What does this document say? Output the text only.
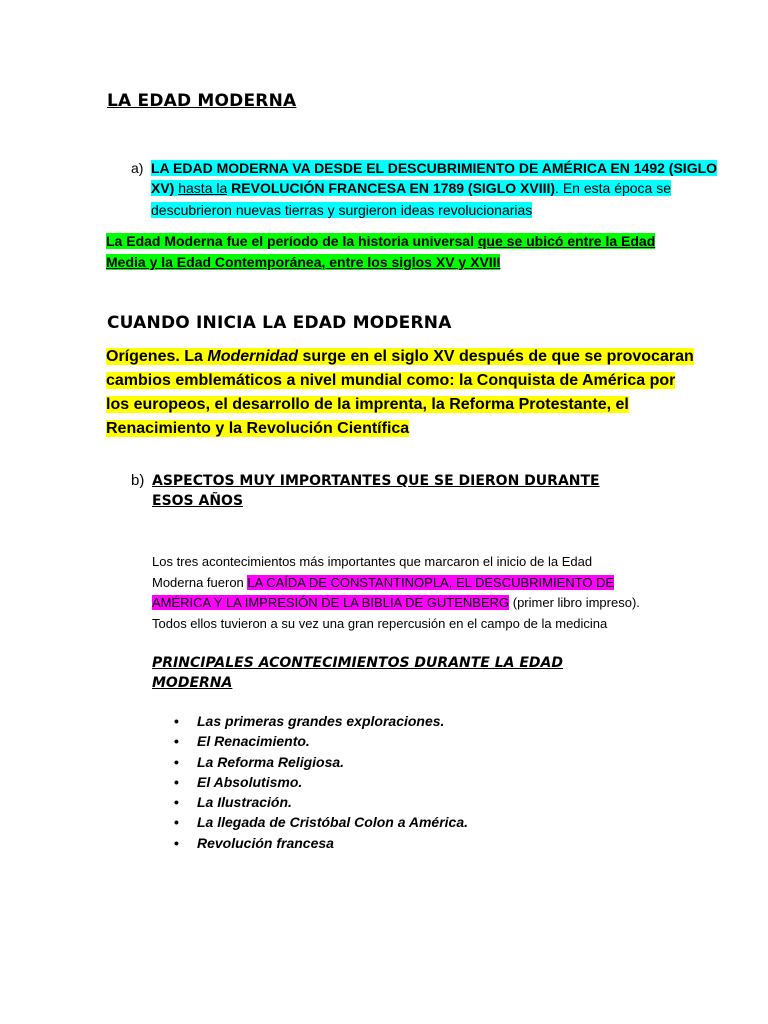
LA EDAD MODERNA
a) LA EDAD MODERNA VA DESDE EL DESCUBRIMIENTO DE AMÉRICA EN 1492 (SIGLO
XV) hasta la REVOLUCIÓN FRANCESA EN 1789 (SIGLO XVIII). En esta época se
descubrieron nuevas tierras y surgieron ideas revolucionarias
La Edad Moderna fue el período de la historia universal que se ubicó entre la Edad
Media y la Edad Contemporánea, entre los siglos XV y XVIII
CUANDO INICIA LA EDAD MODERNA
Orígenes. La Modernidad surge en el siglo XV después de que se provocaran
cambios emblemáticos a nivel mundial como: la Conquista de América por
los europeos, el desarrollo de la imprenta, la Reforma Protestante, el
Renacimiento y la Revolución Científica
b) ASPECTOS MUY IMPORTANTES QUE SE DIERON DURANTE
ESOS AÑOS
Los tres acontecimientos más importantes que marcaron el inicio de la Edad
Moderna fueron LA CAÍDA DE CONSTANTINOPLA, EL DESCUBRIMIENTO DE
AMÉRICA Y LA IMPRESIÓN DE LA BIBLIA DE GUTENBERG (primer libro impreso).
Todos ellos tuvieron a su vez una gran repercusión en el campo de la medicina
PRINCIPALES ACONTECIMIENTOS DURANTE LA EDAD
MODERNA
• Las primeras grandes exploraciones.
• El Renacimiento.
• La Reforma Religiosa.
• El Absolutismo.
• La Ilustración.
• La llegada de Cristóbal Colon a América.
• Revolución francesa
